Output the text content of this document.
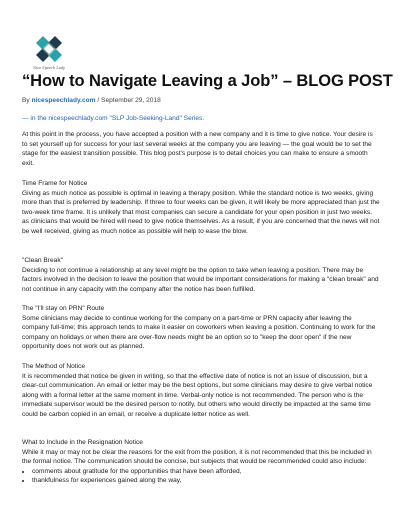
Nice Speech Lady
“How to Navigate Leaving a Job” – BLOG POST
By nicespeechlady.com / September 29, 2018
— in the nicespeechlady.com "SLP Job-Seeking-Land" Series.

At this point in the process, you have accepted a position with a new company and it is time to give notice. Your desire is to set yourself up for success for your last several weeks at the company you are leaving — the goal would be to set the stage for the easiest transition possible. This blog post's purpose is to detail choices you can make to ensure a smooth exit.

Time Frame for Notice

Giving as much notice as possible is optimal in leaving a therapy position. While the standard notice is two weeks, giving more than that is preferred by leadership. If three to four weeks can be given, it will likely be more appreciated than just the two-week time frame. It is unlikely that most companies can secure a candidate for your open position in just two weeks, as clinicians that would be hired will need to give notice themselves. As a result, if you are concerned that the news will not be well received, giving as much notice as possible will help to ease the blow.

"Clean Break"

Deciding to not continue a relationship at any level might be the option to take when leaving a position. There may be factors involved in the decision to leave the position that would be important considerations for making a "clean break" and not continue in any capacity with the company after the notice has been fulfilled.

The "I'll stay on PRN" Route

Some clinicians may decide to continue working for the company on a part-time or PRN capacity after leaving the company full-time; this approach tends to make it easier on coworkers when leaving a position. Continuing to work for the company on holidays or when there are over-flow needs might be an option so to "keep the door open" if the new opportunity does not work out as planned.

The Method of Notice

It is recommended that notice be given in writing, so that the effective date of notice is not an issue of discussion, but a clear-cut communication. An email or letter may be the best options, but some clinicians may desire to give verbal notice along with a formal letter at the same moment in time. Verbal-only notice is not recommended. The person who is the immediate supervisor would be the desired person to notify, but others who would directly be impacted at the same time could be carbon copied in an email, or receive a duplicate letter notice as well.

What to Include in the Resignation Notice

While it may or may not be clear the reasons for the exit from the position, it is not recommended that this be included in the formal notice. The communication should be concise, but subjects that would be recommended could also include:

• comments about gratitude for the opportunities that have been afforded,
• thankfulness for experiences gained along the way,
